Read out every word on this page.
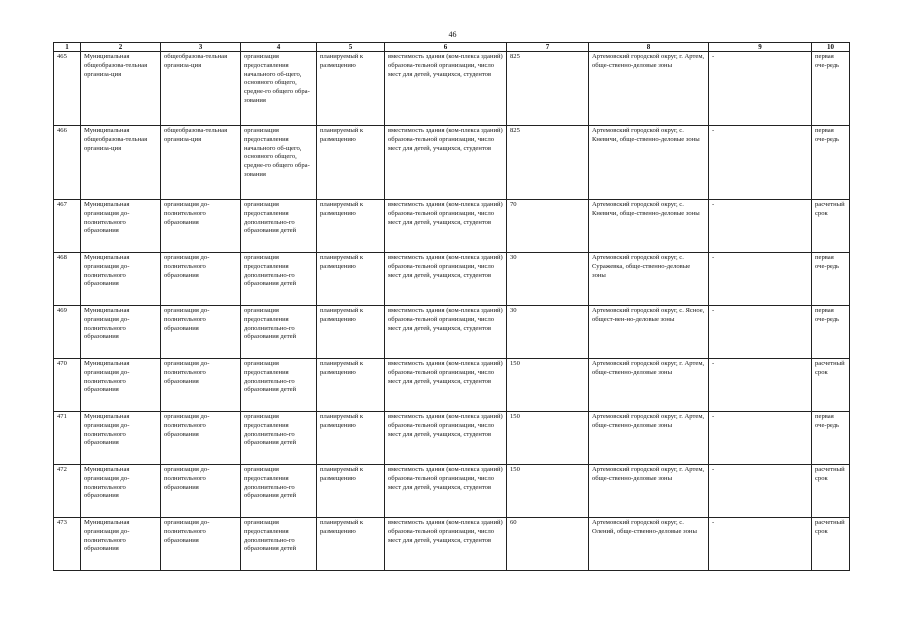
46
1	2	3	4	5	6	7	8	9	10
465	Муниципальная общеобразова-тельная организа-ция	общеобразова-тельная организа-ция	организация предоставления начального об-щего, основного общего, средне-го общего обра-зования	планируемый к размещению	вместимость здания (ком-плекса зданий) образова-тельной организации, число мест для детей, учащихся, студентов	825	Артемовский городской округ, г. Артем, обще-ственно-деловые зоны	-	первая оче-редь
466	Муниципальная общеобразова-тельная организа-ция	общеобразова-тельная организа-ция	организация предоставления начального об-щего, основного общего, средне-го общего обра-зования	планируемый к размещению	вместимость здания (ком-плекса зданий) образова-тельной организации, число мест для детей, учащихся, студентов	825	Артемовский городской округ, с. Кневичи, обще-ственно-деловые зоны	-	первая оче-редь
467	Муниципальная организация до-полнительного образования	организация до-полнительного образования	организация предоставления дополнительно-го образования детей	планируемый к размещению	вместимость здания (ком-плекса зданий) образова-тельной организации, число мест для детей, учащихся, студентов	70	Артемовский городской округ, с. Кневичи, обще-ственно-деловые зоны	-	расчетный срок
468	Муниципальная организация до-полнительного образования	организация до-полнительного образования	организация предоставления дополнительно-го образования детей	планируемый к размещению	вместимость здания (ком-плекса зданий) образова-тельной организации, число мест для детей, учащихся, студентов	30	Артемовский городской округ, с. Суражевка, обще-ственно-деловые зоны	-	первая оче-редь
469	Муниципальная организация до-полнительного образования	организация до-полнительного образования	организация предоставления дополнительно-го образования детей	планируемый к размещению	вместимость здания (ком-плекса зданий) образова-тельной организации, число мест для детей, учащихся, студентов	30	Артемовский городской округ, с. Ясное, общест-вен-но-деловые зоны	-	первая оче-редь
470	Муниципальная организация до-полнительного образования	организация до-полнительного образования	организация предоставления дополнительно-го образования детей	планируемый к размещению	вместимость здания (ком-плекса зданий) образова-тельной организации, число мест для детей, учащихся, студентов	150	Артемовский городской округ, г. Артем, обще-ственно-деловые зоны	-	расчетный срок
471	Муниципальная организация до-полнительного образования	организация до-полнительного образования	организация предоставления дополнительно-го образования детей	планируемый к размещению	вместимость здания (ком-плекса зданий) образова-тельной организации, число мест для детей, учащихся, студентов	150	Артемовский городской округ, г. Артем, обще-ственно-деловые зоны	-	первая оче-редь
472	Муниципальная организация до-полнительного образования	организация до-полнительного образования	организация предоставления дополнительно-го образования детей	планируемый к размещению	вместимость здания (ком-плекса зданий) образова-тельной организации, число мест для детей, учащихся, студентов	150	Артемовский городской округ, г. Артем, обще-ственно-деловые зоны	-	расчетный срок
473	Муниципальная организация до-полнительного образования	организация до-полнительного образования	организация предоставления дополнительно-го образования детей	планируемый к размещению	вместимость здания (ком-плекса зданий) образова-тельной организации, число мест для детей, учащихся, студентов	60	Артемовский городской округ, с. Олений, обще-ственно-деловые зоны	-	расчетный срок
